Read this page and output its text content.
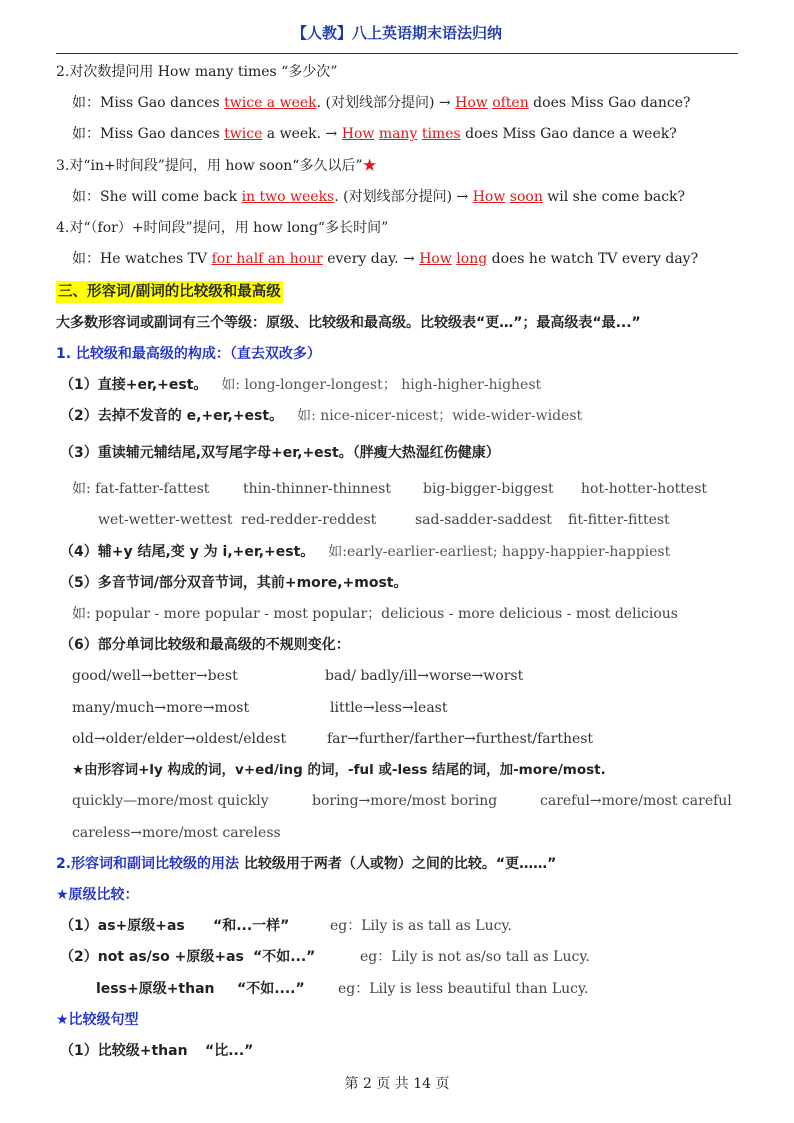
【人教】八上英语期末语法归纳
2.对次数提问用 How many times “多少次”
如：Miss Gao dances twice a week. (对划线部分提问) → How often does Miss Gao dance?
如：Miss Gao dances twice a week. → How many times does Miss Gao dance a week?
3.对“in+时间段”提问，用 how soon“多久以后”★
如：She will come back in two weeks. (对划线部分提问) → How soon wil she come back?
4.对“（for）+时间段”提问，用 how long“多长时间”
如：He watches TV for half an hour every day. → How long does he watch TV every day?
三、形容词/副词的比较级和最高级
大多数形容词或副词有三个等级：原级、比较级和最高级。比较级表“更…”；最高级表“最...”
1. 比较级和最高级的构成：（直去双改多）
（1）直接+er,+est。 如: long-longer-longest； high-higher-highest
（2）去掉不发音的 e,+er,+est。 如: nice-nicer-nicest；wide-wider-widest
（3）重读辅元辅结尾,双写尾字母+er,+est。（胖瘦大热湿红伤健康）
如: fat-fatter-fattest thin-thinner-thinnest big-bigger-biggest hot-hotter-hottest
wet-wetter-wettest red-redder-reddest	sad-sadder-saddest fit-fitter-fittest
（4）辅+y 结尾,变 y 为 i,+er,+est。 如:early-earlier-earliest; happy-happier-happiest
（5）多音节词/部分双音节词，其前+more,+most。
如: popular - more popular - most popular；delicious - more delicious - most delicious
（6）部分单词比较级和最高级的不规则变化：
good/well→better→best	bad/ badly/ill→worse→worst
many/much→more→most	little→less→least
old→older/elder→oldest/eldest	far→further/farther→furthest/farthest
★由形容词+ly 构成的词，v+ed/ing 的词，-ful 或-less 结尾的词，加-more/most.
quickly—more/most quickly	boring→more/most boring	careful→more/most careful
careless→more/most careless
2.形容词和副词比较级的用法 比较级用于两者（人或物）之间的比较。“更……”
★原级比较：
（1）as+原级+as “和...一样”	eg：Lily is as tall as Lucy.
（2）not as/so +原级+as “不如...”	eg：Lily is not as/so tall as Lucy.
less+原级+than “不如....” eg：Lily is less beautiful than Lucy.
★比较级句型
（1）比较级+than “比...”
第 2 页 共 14 页
